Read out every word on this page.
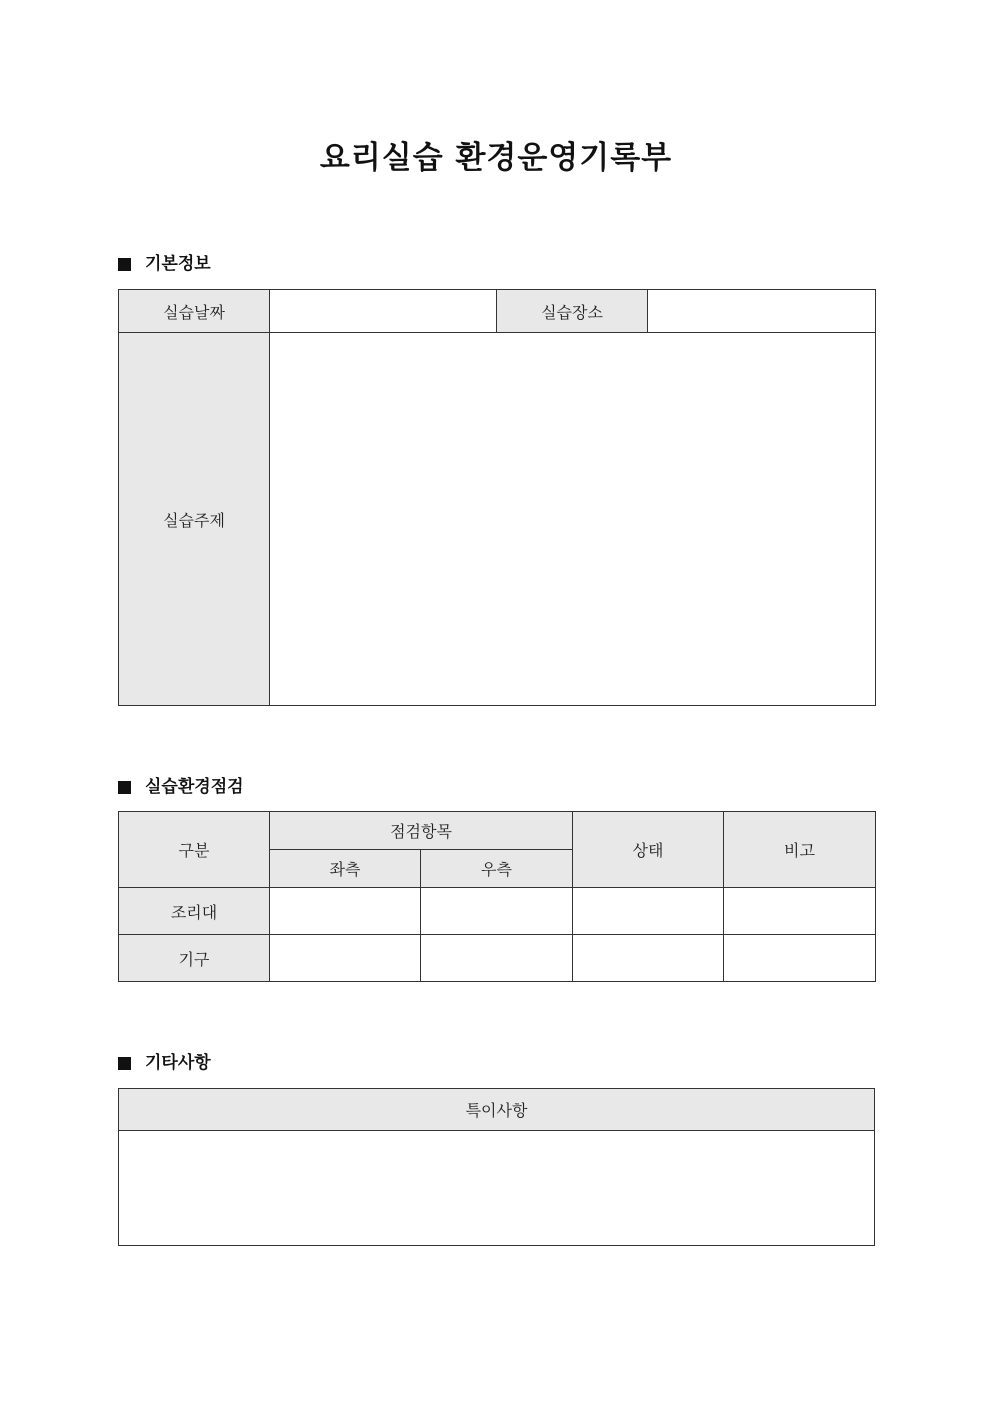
요리실습 환경운영기록부
기본정보
실습날짜		실습장소	
실습주제			
실습환경점검
구분	점검항목		상태	비고
	좌측	우측		
조리대				
기구				
기타사항
특이사항
